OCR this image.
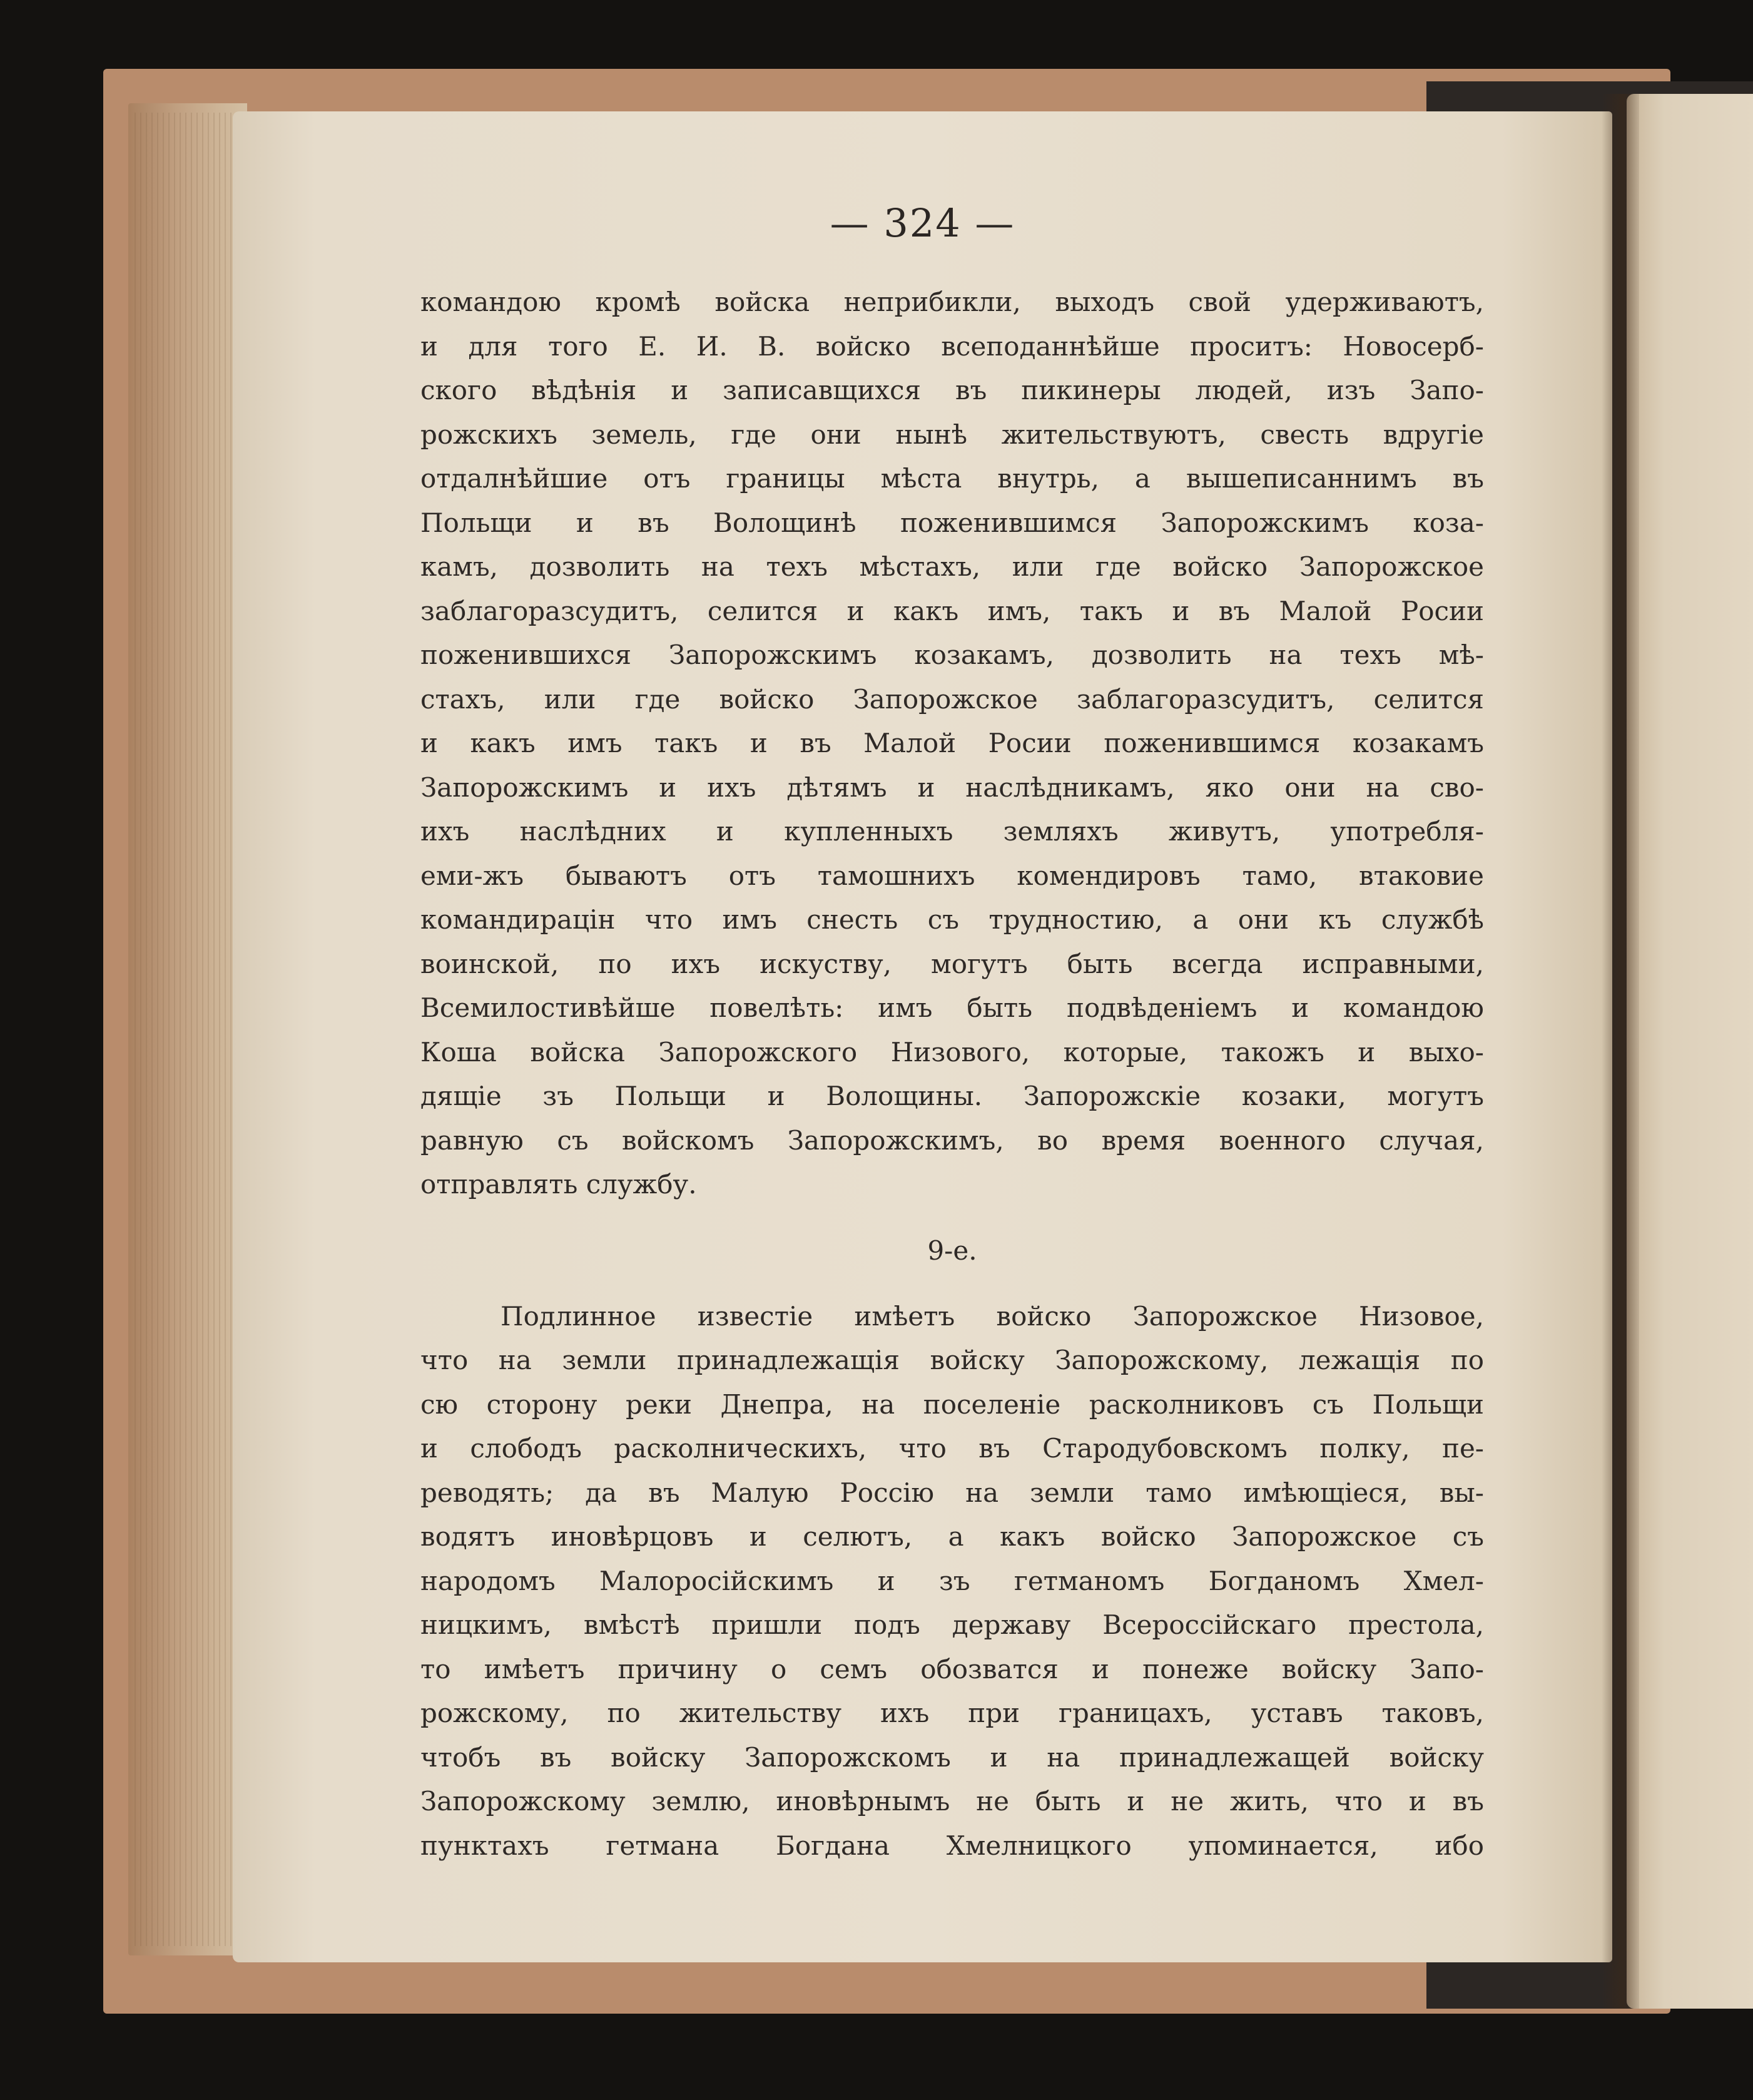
— 324 —
командою кромѣ войска неприбикли, выходъ свой удерживаютъ,
и для того Е. И. В. войско всеподаннѣйше проситъ: Новосерб-
ского вѣдѣнія и записавщихся въ пикинеры людей, изъ Запо-
рожскихъ земель, где они нынѣ жительствуютъ, свесть вдругіе
отдалнѣйшие отъ границы мѣста внутрь, а вышеписаннимъ въ
Польщи и въ Волощинѣ поженившимся Запорожскимъ коза-
камъ, дозволить на техъ мѣстахъ, или где войско Запорожское
заблагоразсудитъ, селится и какъ имъ, такъ и въ Малой Росии
поженившихся Запорожскимъ козакамъ, дозволить на техъ мѣ-
стахъ, или где войско Запорожское заблагоразсудитъ, селится
и какъ имъ такъ и въ Малой Росии поженившимся козакамъ
Запорожскимъ и ихъ дѣтямъ и наслѣдникамъ, яко они на сво-
ихъ наслѣдних и купленныхъ земляхъ живутъ, употребля-
еми-жъ бываютъ отъ тамошнихъ комендировъ тамо, втаковие
командирацін что имъ снесть съ трудностию, а они къ службѣ
воинской, по ихъ искуству, могутъ быть всегда исправными,
Всемилостивѣйше повелѣть: имъ быть подвѣденіемъ и командою
Коша войска Запорожского Низового, которые, такожъ и выхо-
дящіе зъ Польщи и Волощины. Запорожскіе козаки, могутъ
равную съ войскомъ Запорожскимъ, во время военного случая,
отправлять службу.
9-е.
Подлинное известіе имѣетъ войско Запорожское Низовое,
что на земли принадлежащія войску Запорожскому, лежащія по
сю сторону реки Днепра, на поселеніе расколниковъ съ Польщи
и слободъ расколническихъ, что въ Стародубовскомъ полку, пе-
реводять; да въ Малую Россію на земли тамо имѣющіеся, вы-
водятъ иновѣрцовъ и селютъ, а какъ войско Запорожское съ
народомъ Малоросійскимъ и зъ гетманомъ Богданомъ Хмел-
ницкимъ, вмѣстѣ пришли подъ державу Всероссійскаго престола,
то имѣетъ причину о семъ обозватся и понеже войску Запо-
рожскому, по жительству ихъ при границахъ, уставъ таковъ,
чтобъ въ войску Запорожскомъ и на принадлежащей войску
Запорожскому землю, иновѣрнымъ не быть и не жить, что и въ
пунктахъ гетмана Богдана Хмелницкого упоминается, ибо
